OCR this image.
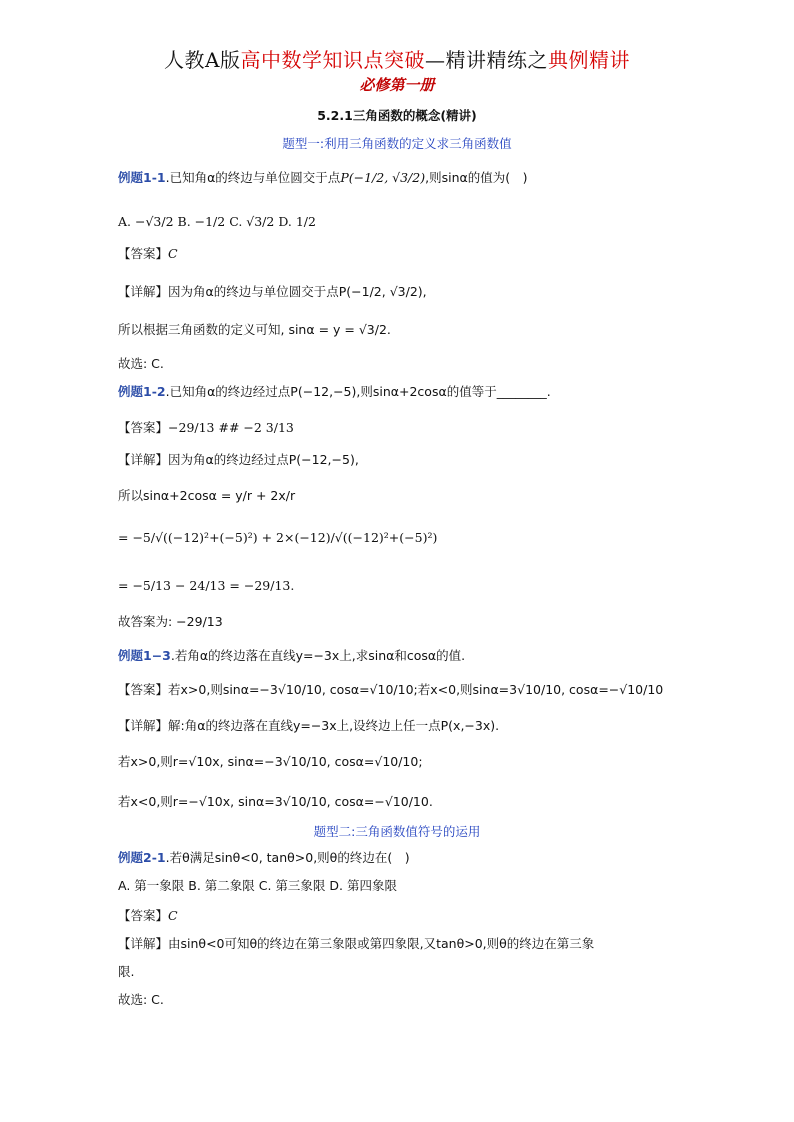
人教A版高中数学知识点突破—精讲精练之典例精讲
必修第一册
5.2.1三角函数的概念(精讲)
题型一:利用三角函数的定义求三角函数值
例题1-1.已知角α的终边与单位圆交于点P(−1/2, √3/2),则sinα的值为(　)
A. −√3/2 B. −1/2 C. √3/2 D. 1/2
【答案】C
【详解】因为角α的终边与单位圆交于点P(−1/2, √3/2),
所以根据三角函数的定义可知, sinα = y = √3/2.
故选: C.
例题1-2.已知角α的终边经过点P(−12,−5),则sinα+2cosα的值等于________.
【答案】−29/13 ## −2 3/13
【详解】因为角α的终边经过点P(−12,−5),
所以sinα+2cosα = y/r + 2x/r
= −5/√((−12)²+(−5)²) + 2×(−12)/√((−12)²+(−5)²)
= −5/13 − 24/13 = −29/13.
故答案为: −29/13
例题1−3.若角α的终边落在直线y=−3x上,求sinα和cosα的值.
【答案】若x>0,则sinα=−3√10/10, cosα=√10/10;若x<0,则sinα=3√10/10, cosα=−√10/10
【详解】解:角α的终边落在直线y=−3x上,设终边上任一点P(x,−3x).
若x>0,则r=√10x, sinα=−3√10/10, cosα=√10/10;
若x<0,则r=−√10x, sinα=3√10/10, cosα=−√10/10.
题型二:三角函数值符号的运用
例题2-1.若θ满足sinθ<0, tanθ>0,则θ的终边在(　)
A. 第一象限 B. 第二象限 C. 第三象限 D. 第四象限
【答案】C
【详解】由sinθ<0可知θ的终边在第三象限或第四象限,又tanθ>0,则θ的终边在第三象
限.
故选: C.
